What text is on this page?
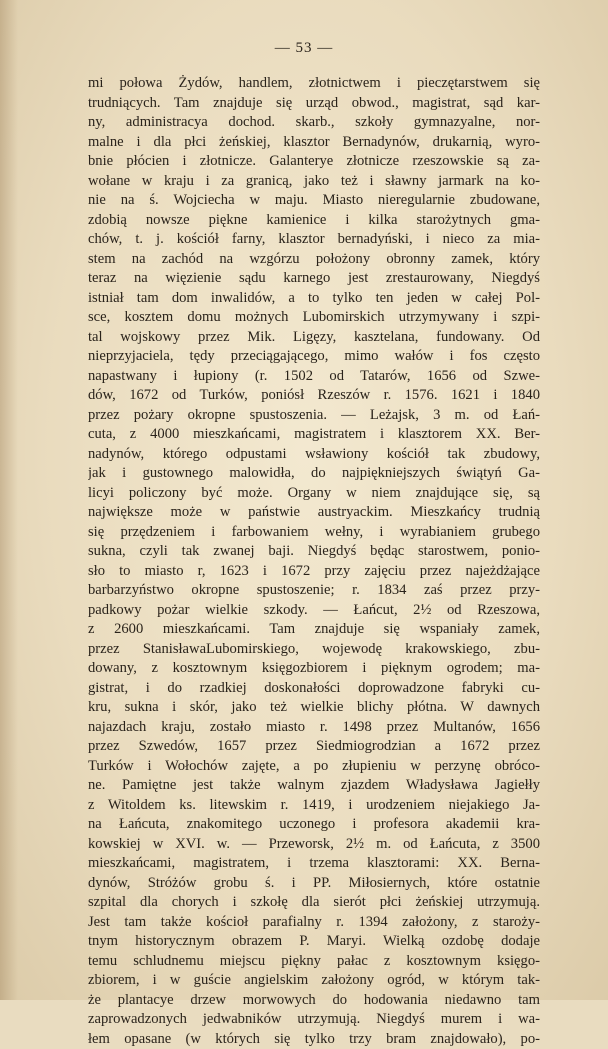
— 53 —
mi połowa Żydów, handlem, złotnictwem i pieczętarstwem się
trudniących. Tam znajduje się urząd obwod., magistrat, sąd kar-
ny, administracya dochod. skarb., szkoły gymnazyalne, nor-
malne i dla płci żeńskiej, klasztor Bernadynów, drukarnią, wyro-
bnie płócien i złotnicze. Galanterye złotnicze rzeszowskie są za-
wołane w kraju i za granicą, jako też i sławny jarmark na ko-
nie na ś. Wojciecha w maju. Miasto nieregularnie zbudowane,
zdobią nowsze piękne kamienice i kilka starożytnych gma-
chów, t. j. kościół farny, klasztor bernadyński, i nieco za mia-
stem na zachód na wzgórzu położony obronny zamek, który
teraz na więzienie sądu karnego jest zrestaurowany, Niegdyś
istniał tam dom inwalidów, a to tylko ten jeden w całej Pol-
sce, kosztem domu możnych Lubomirskich utrzymywany i szpi-
tal wojskowy przez Mik. Ligęzy, kasztelana, fundowany. Od
nieprzyjaciela, tędy przeciągającego, mimo wałów i fos często
napastwany i łupiony (r. 1502 od Tatarów, 1656 od Szwe-
dów, 1672 od Turków, poniósł Rzeszów r. 1576. 1621 i 1840
przez pożary okropne spustoszenia. — Leżajsk, 3 m. od Łań-
cuta, z 4000 mieszkańcami, magistratem i klasztorem XX. Ber-
nadynów, którego odpustami wsławiony kościół tak zbudowy,
jak i gustownego malowidła, do najpiękniejszych świątyń Ga-
licyi policzony być może. Organy w niem znajdujące się, są
największe może w państwie austryackim. Mieszkańcy trudnią
się przędzeniem i farbowaniem wełny, i wyrabianiem grubego
sukna, czyli tak zwanej baji. Niegdyś będąc starostwem, ponio-
sło to miasto r, 1623 i 1672 przy zajęciu przez najeżdżające
barbarzyństwo okropne spustoszenie; r. 1834 zaś przez przy-
padkowy pożar wielkie szkody. — Łańcut, 2½ od Rzeszowa,
z 2600 mieszkańcami. Tam znajduje się wspaniały zamek,
przez StanisławaLubomirskiego, wojewodę krakowskiego, zbu-
dowany, z kosztownym księgozbiorem i pięknym ogrodem; ma-
gistrat, i do rzadkiej doskonałości doprowadzone fabryki cu-
kru, sukna i skór, jako też wielkie blichy płótna. W dawnych
najazdach kraju, zostało miasto r. 1498 przez Multanów, 1656
przez Szwedów, 1657 przez Siedmiogrodzian a 1672 przez
Turków i Wołochów zajęte, a po złupieniu w perzynę obróco-
ne. Pamiętne jest także walnym zjazdem Władysława Jagiełły
z Witoldem ks. litewskim r. 1419, i urodzeniem niejakiego Ja-
na Łańcuta, znakomitego uczonego i profesora akademii kra-
kowskiej w XVI. w. — Przeworsk, 2½ m. od Łańcuta, z 3500
mieszkańcami, magistratem, i trzema klasztorami: XX. Berna-
dynów, Stróżów grobu ś. i PP. Miłosiernych, które ostatnie
szpital dla chorych i szkołę dla sierót płci żeńskiej utrzymują.
Jest tam także kościoł parafialny r. 1394 założony, z staroży-
tnym historycznym obrazem P. Maryi. Wielką ozdobę dodaje
temu schludnemu miejscu piękny pałac z kosztownym księgo-
zbiorem, i w guście angielskim założony ogród, w którym tak-
że plantacye drzew morwowych do hodowania niedawno tam
zaprowadzonych jedwabników utrzymują. Niegdyś murem i wa-
łem opasane (w których się tylko trzy bram znajdowało), po-
